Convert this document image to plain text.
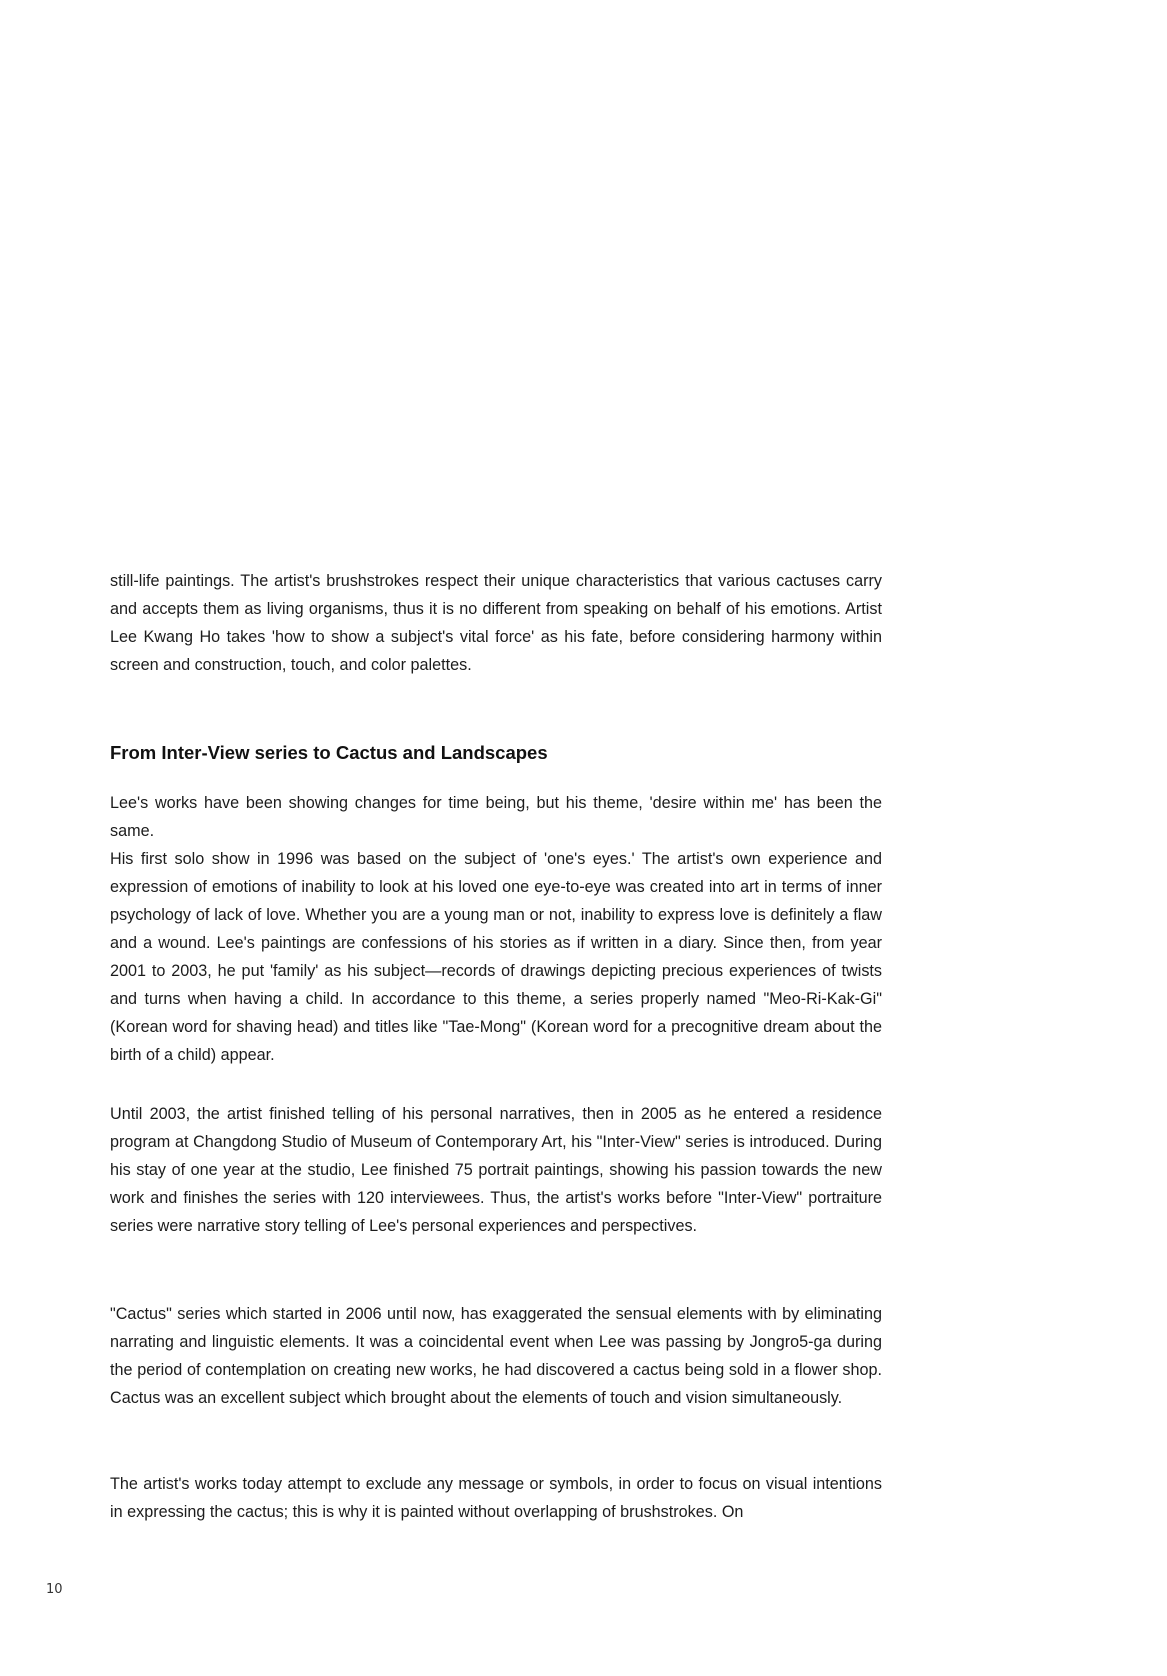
still-life paintings. The artist's brushstrokes respect their unique characteristics that various cactuses carry and accepts them as living organisms, thus it is no different from speaking on behalf of his emotions. Artist Lee Kwang Ho takes 'how to show a subject's vital force' as his fate, before considering harmony within screen and construction, touch, and color palettes.

From Inter-View series to Cactus and Landscapes

Lee's works have been showing changes for time being, but his theme, 'desire within me' has been the same.

His first solo show in 1996 was based on the subject of 'one's eyes.' The artist's own experience and expression of emotions of inability to look at his loved one eye-to-eye was created into art in terms of inner psychology of lack of love. Whether you are a young man or not, inability to express love is definitely a flaw and a wound. Lee's paintings are confessions of his stories as if written in a diary. Since then, from year 2001 to 2003, he put 'family' as his subject—records of drawings depicting precious experiences of twists and turns when having a child. In accordance to this theme, a series properly named "Meo-Ri-Kak-Gi" (Korean word for shaving head) and titles like "Tae-Mong" (Korean word for a precognitive dream about the birth of a child) appear.

Until 2003, the artist finished telling of his personal narratives, then in 2005 as he entered a residence program at Changdong Studio of Museum of Contemporary Art, his "Inter-View" series is introduced. During his stay of one year at the studio, Lee finished 75 portrait paintings, showing his passion towards the new work and finishes the series with 120 interviewees. Thus, the artist's works before "Inter-View" portraiture series were narrative story telling of Lee's personal experiences and perspectives.

"Cactus" series which started in 2006 until now, has exaggerated the sensual elements with by eliminating narrating and linguistic elements. It was a coincidental event when Lee was passing by Jongro5-ga during the period of contemplation on creating new works, he had discovered a cactus being sold in a flower shop. Cactus was an excellent subject which brought about the elements of touch and vision simultaneously.

The artist's works today attempt to exclude any message or symbols, in order to focus on visual intentions in expressing the cactus; this is why it is painted without overlapping of brushstrokes. On

10
